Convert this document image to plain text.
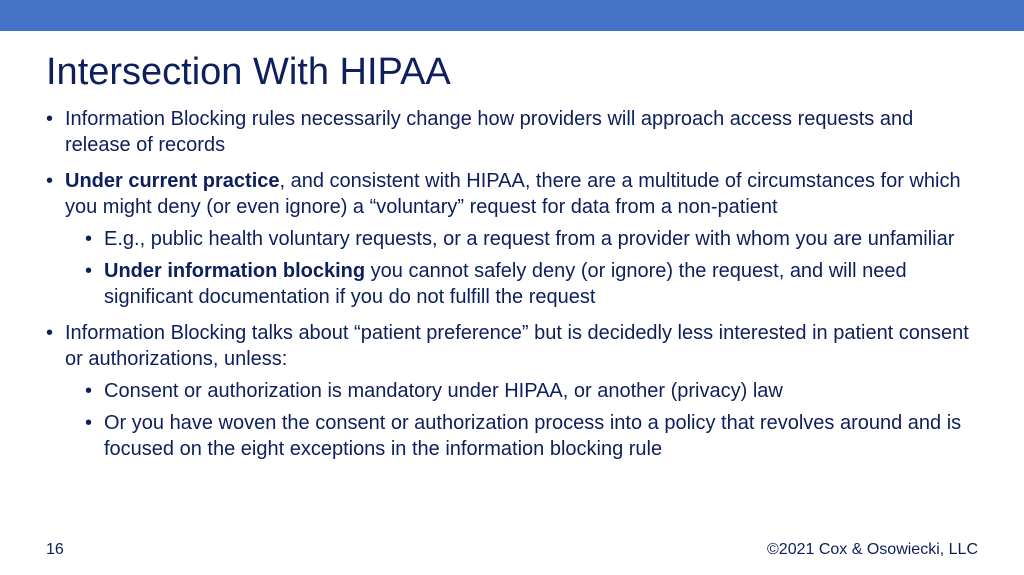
Intersection With HIPAA
• Information Blocking rules necessarily change how providers will approach access requests and release of records
• Under current practice, and consistent with HIPAA, there are a multitude of circumstances for which you might deny (or even ignore) a “voluntary” request for data from a non-patient
• E.g., public health voluntary requests, or a request from a provider with whom you are unfamiliar
• Under information blocking you cannot safely deny (or ignore) the request, and will need significant documentation if you do not fulfill the request
• Information Blocking talks about “patient preference” but is decidedly less interested in patient consent or authorizations, unless:
• Consent or authorization is mandatory under HIPAA, or another (privacy) law
• Or you have woven the consent or authorization process into a policy that revolves around and is focused on the eight exceptions in the information blocking rule
16	©2021 Cox & Osowiecki, LLC
